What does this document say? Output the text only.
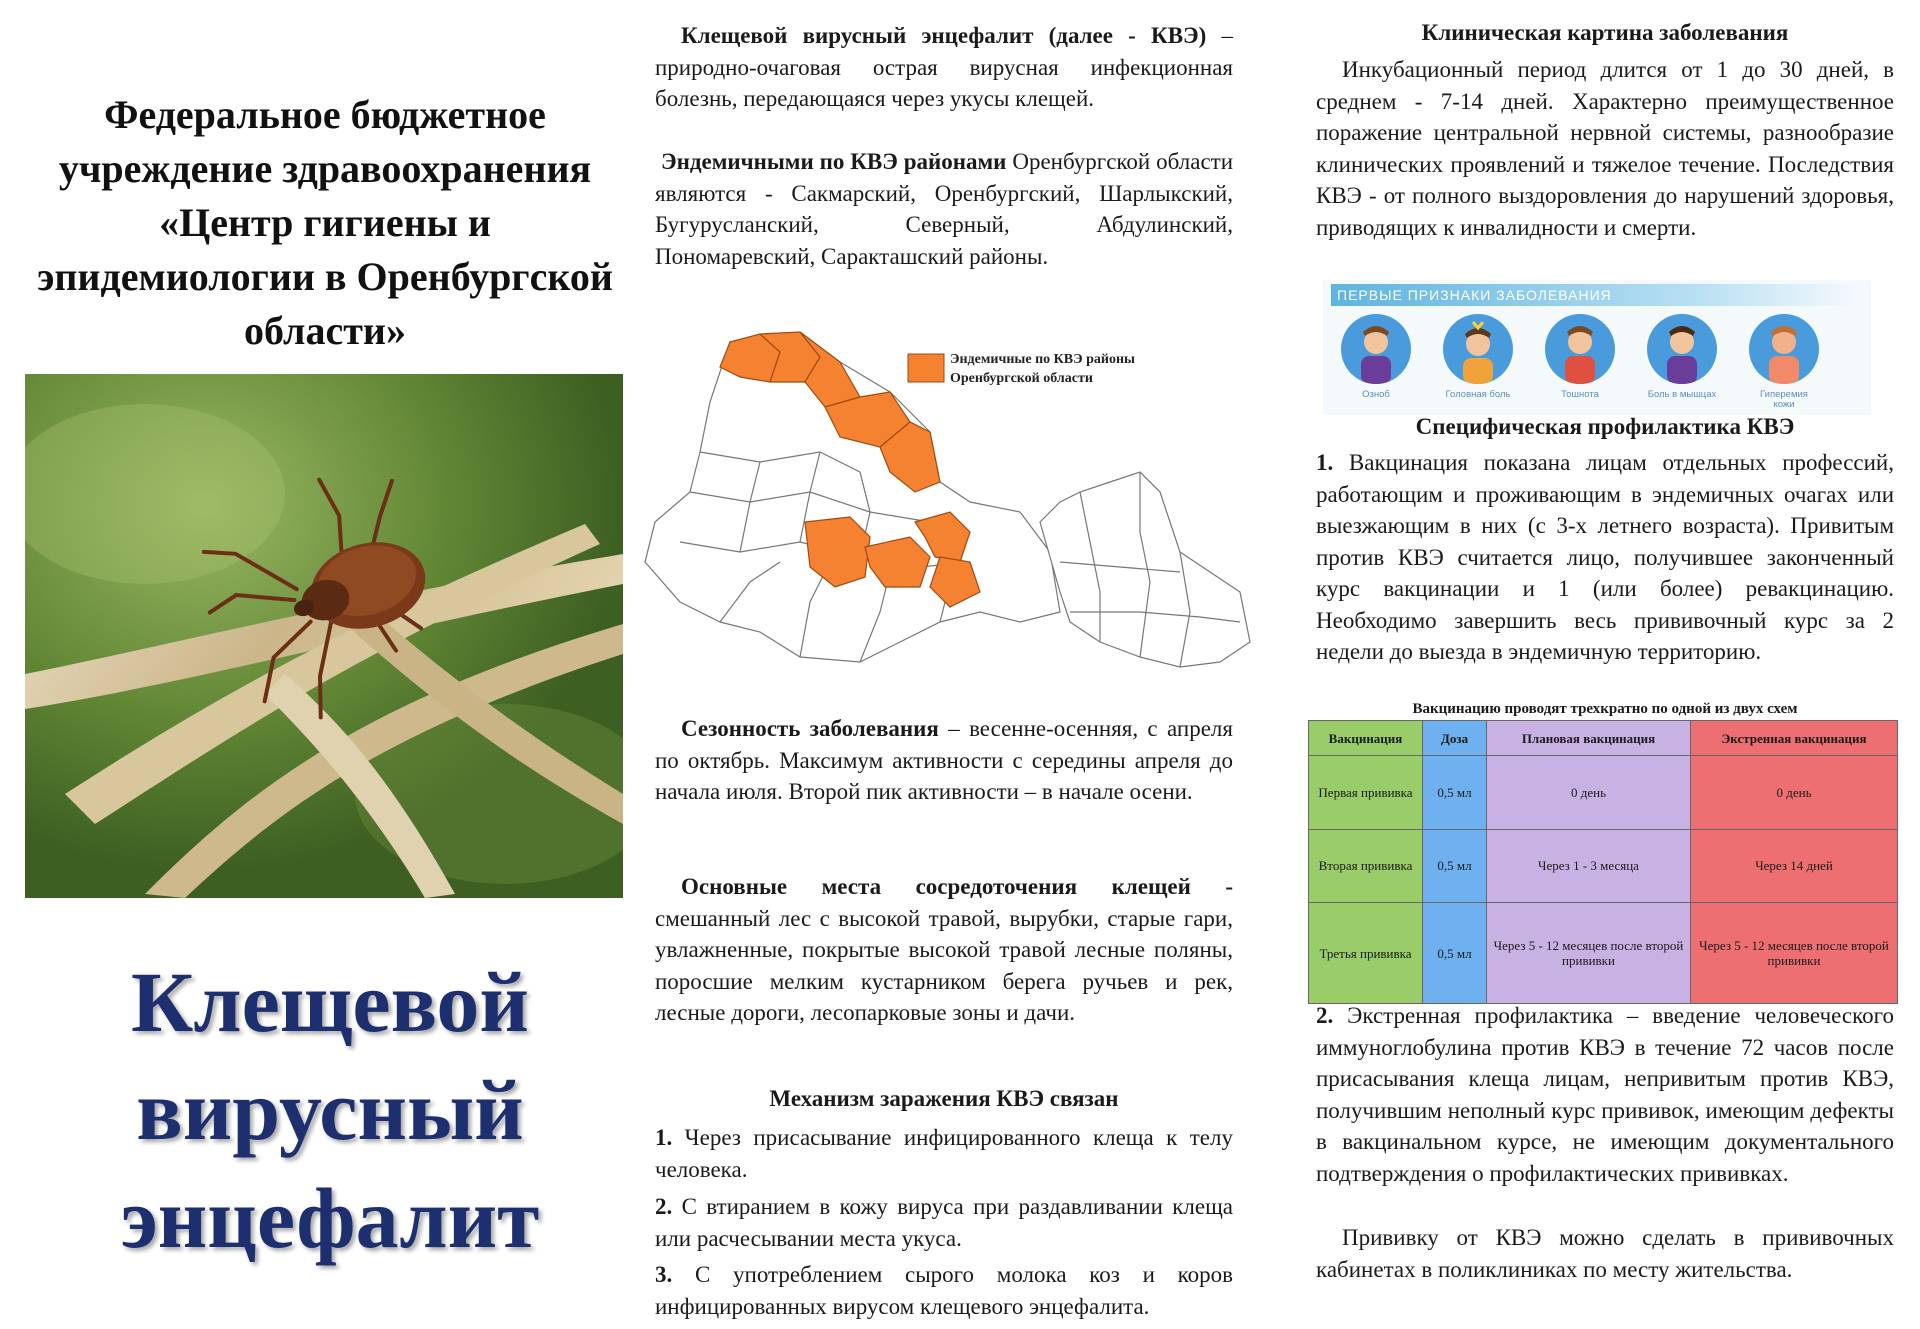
Федеральное бюджетное учреждение здравоохранения «Центр гигиены и эпидемиологии в Оренбургской области»
Клещевой
вирусный
энцефалит

Клещевой вирусный энцефалит (далее - КВЭ) – природно-очаговая острая вирусная инфекционная болезнь, передающаяся через укусы клещей.

Эндемичными по КВЭ районами Оренбургской области являются - Сакмарский, Оренбургский, Шарлыкский, Бугурусланский, Северный, Абдулинский, Пономаревский, Саракташский районы.

Эндемичные по КВЭ районы Оренбургской области

Сезонность заболевания – весенне-осенняя, с апреля по октябрь. Максимум активности с середины апреля до начала июля. Второй пик активности – в начале осени.

Основные места сосредоточения клещей - смешанный лес с высокой травой, вырубки, старые гари, увлажненные, покрытые высокой травой лесные поляны, поросшие мелким кустарником берега ручьев и рек, лесные дороги, лесопарковые зоны и дачи.

Механизм заражения КВЭ связан

1. Через присасывание инфицированного клеща к телу человека.

2. С втиранием в кожу вируса при раздавливании клеща или расчесывании места укуса.

3. С употреблением сырого молока коз и коров инфицированных вирусом клещевого энцефалита.

Клиническая картина заболевания

Инкубационный период длится от 1 до 30 дней, в среднем - 7-14 дней. Характерно преимущественное поражение центральной нервной системы, разнообразие клинических проявлений и тяжелое течение. Последствия КВЭ - от полного выздоровления до нарушений здоровья, приводящих к инвалидности и смерти.

ПЕРВЫЕ ПРИЗНАКИ ЗАБОЛЕВАНИЯ
Озноб	Головная боль	Тошнота	Боль в мышцах	Гиперемия кожи

Специфическая профилактика КВЭ

1. Вакцинация показана лицам отдельных профессий, работающим и проживающим в эндемичных очагах или выезжающим в них (с 3-х летнего возраста). Привитым против КВЭ считается лицо, получившее законченный курс вакцинации и 1 (или более) ревакцинацию. Необходимо завершить весь прививочный курс за 2 недели до выезда в эндемичную территорию.

Вакцинацию проводят трехкратно по одной из двух схем
Вакцинация	Доза	Плановая вакцинация	Экстренная вакцинация
Первая прививка	0,5 мл	0 день	0 день
Вторая прививка	0,5 мл	Через 1 - 3 месяца	Через 14 дней
Третья прививка	0,5 мл	Через 5 - 12 месяцев после второй прививки	Через 5 - 12 месяцев после второй прививки

2. Экстренная профилактика – введение человеческого иммуноглобулина против КВЭ в течение 72 часов после присасывания клеща лицам, непривитым против КВЭ, получившим неполный курс прививок, имеющим дефекты в вакцинальном курсе, не имеющим документального подтверждения о профилактических прививках.

Прививку от КВЭ можно сделать в прививочных кабинетах в поликлиниках по месту жительства.
